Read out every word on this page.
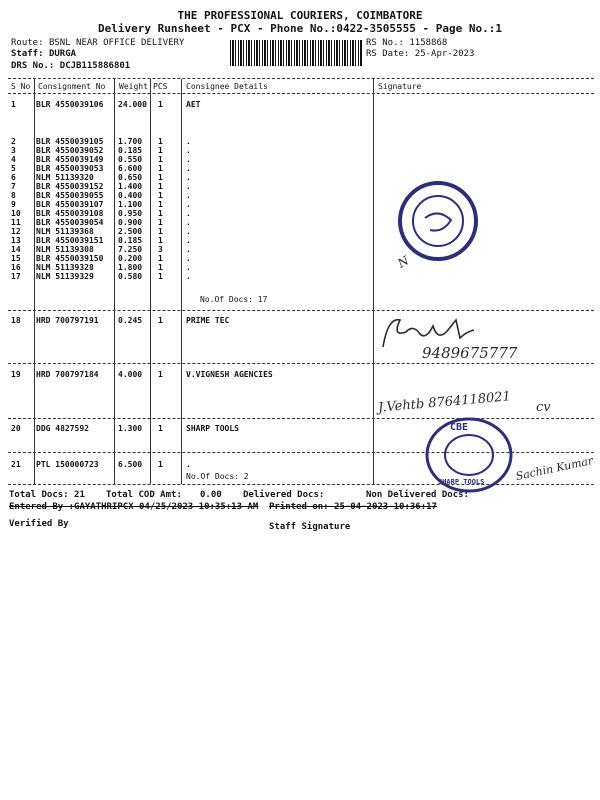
THE PROFESSIONAL COURIERS, COIMBATORE
Delivery Runsheet - PCX - Phone No.:0422-3505555 - Page No.:1
Route: BSNL NEAR OFFICE DELIVERY
Staff: DURGA
DRS No.: DCJB115886801
RS No.: 1158868
RS Date: 25-Apr-2023
S No Consignment No Weight PCS Consignee Details	Signature
1	BLR 4550039106 24.000 1	AET
2	BLR 4550039105 1.700 1	.
3	BLR 4550039052 0.185 1	.
4	BLR 4550039149 0.550 1	.
5	BLR 4550039053 6.600 1	.
6	NLM 51139320	0.650 1	.
7	BLR 4550039152 1.400 1	.
8	BLR 4550039055 0.400 1	.
9	BLR 4550039107 1.100 1	.
10 BLR 4550039108 0.950 1	.
11 BLR 4550039054 0.900 1	.
12 NLM 51139368	2.500 1	.
13 BLR 4550039151 0.185 1	.
14 NLM 51139308	7.250 3	.
15 BLR 4550039150 0.200 1	.
16 NLM 51139328	1.800 1	.
17 NLM 51139329	0.580 1	.
No.Of Docs: 17
18 HRD 700797191 0.245 1	PRIME TEC
19 HRD 700797184 4.000 1	V.VIGNESH AGENCIES
20 DDG 4827592	1.300 1	SHARP TOOLS
21 PTL 150000723 6.500 1	.
No.Of Docs: 2
N
9489675777
J.Vehtb 8764118021 cv
CBE
SHARP TOOLS	Sachin Kumar
Total Docs: 21 Total COD Amt: 0.00 Delivered Docs:	Non Delivered Docs:
Entered By :GAYATHRIPCX 04/25/2023 10:35:13 AM Printed on: 25-04-2023 10:36:17
Verified By	Staff Signature
